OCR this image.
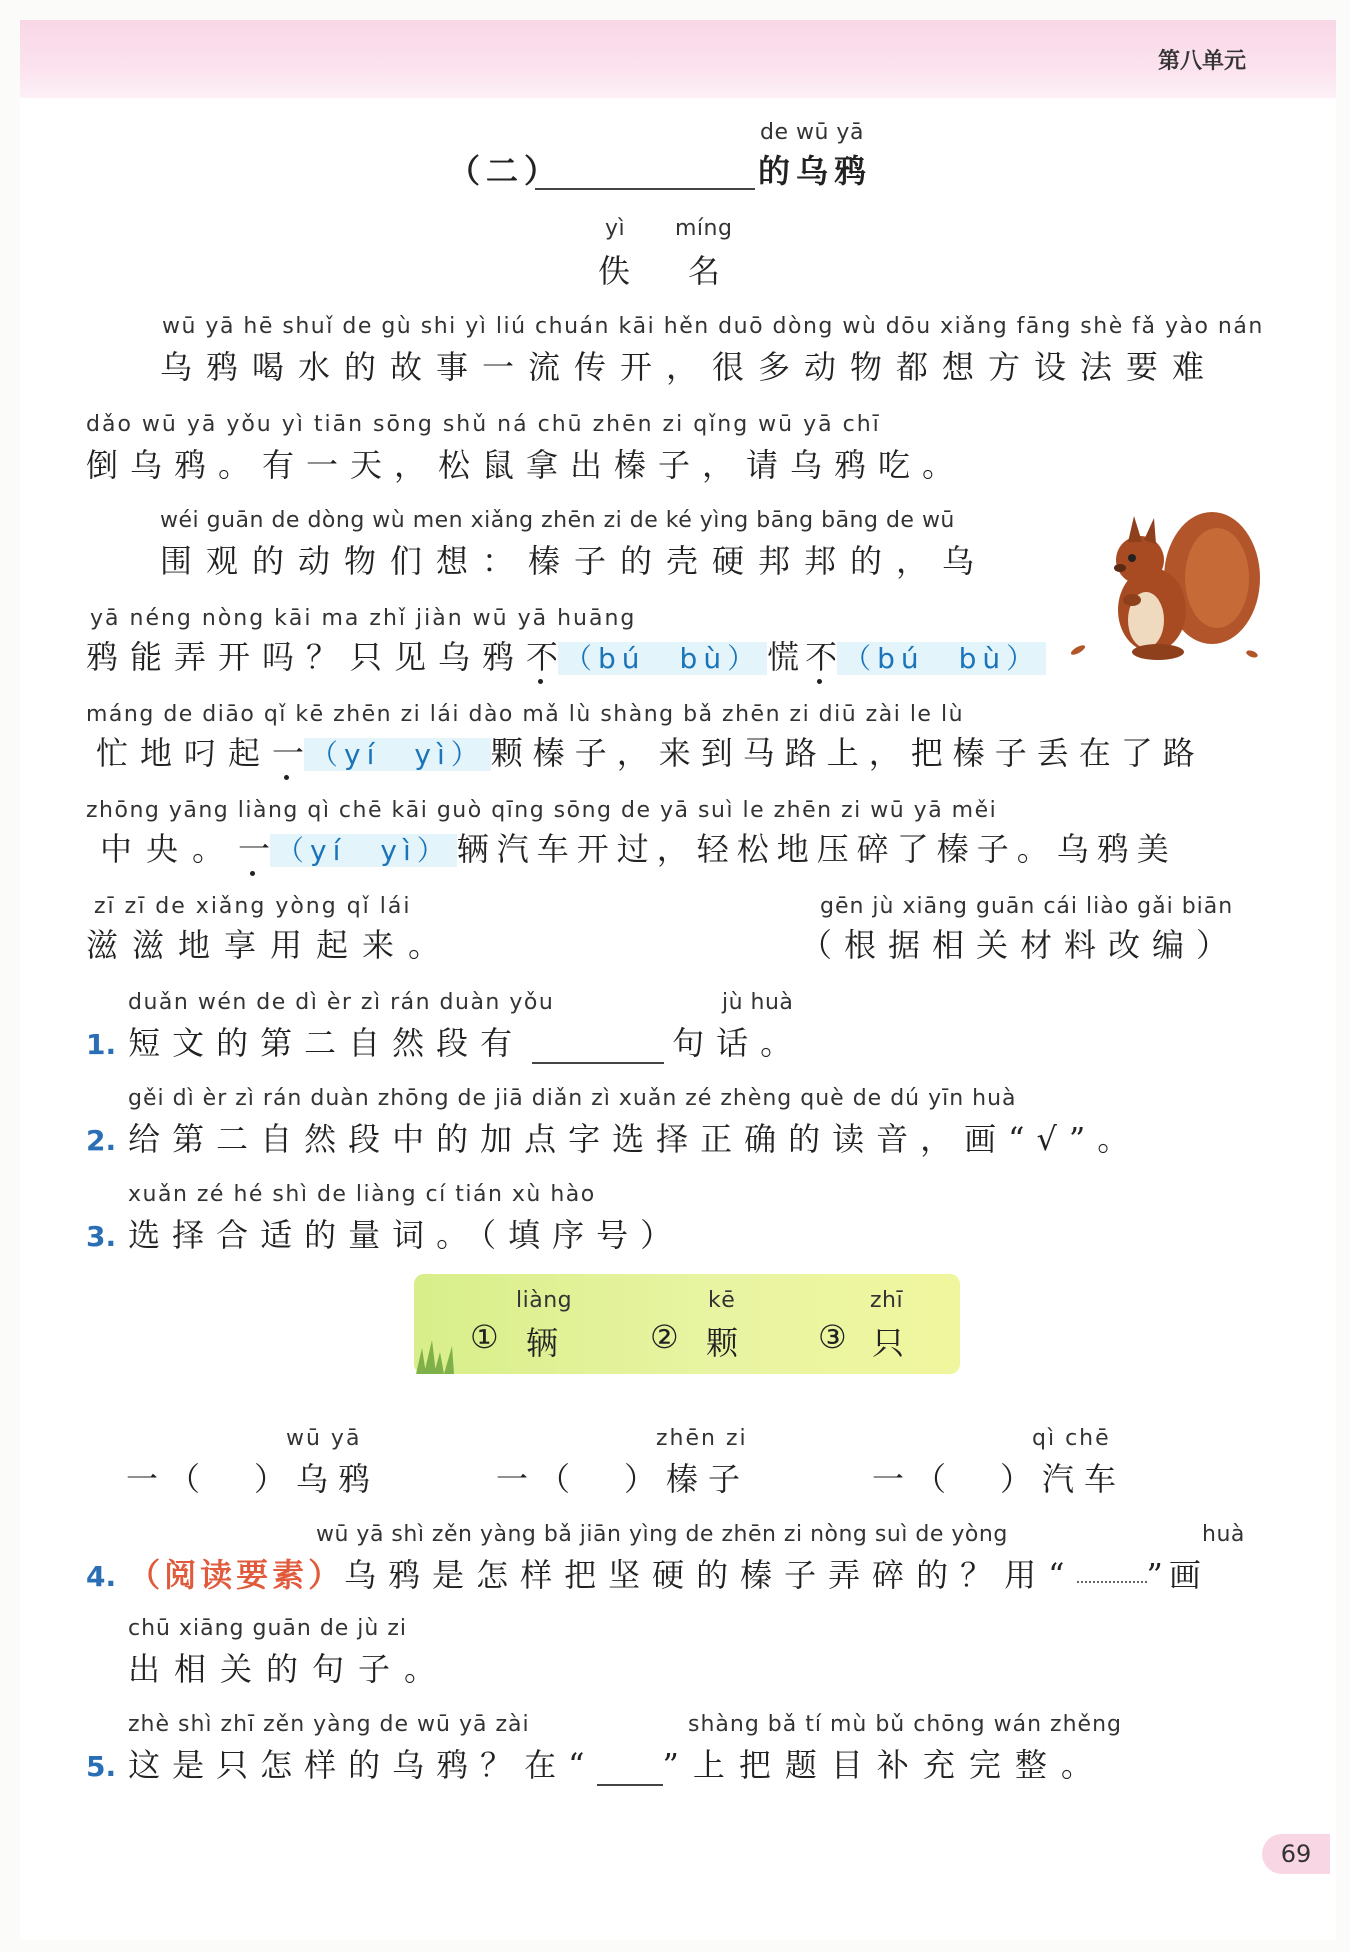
第八单元
de wū yā
（二）	的乌鸦
yì míng
佚 名
wū yā hē shuǐ de gù shi yì liú chuán kāi hěn duō dòng wù dōu xiǎng fāng shè fǎ yào nán
乌鸦喝水的故事一流传开，很多动物都想方设法要难
dǎo wū yā yǒu yì tiān sōng shǔ ná chū zhēn zi qǐng wū yā chī
倒乌鸦。有一天，松鼠拿出榛子，请乌鸦吃。
wéi guān de dòng wù men xiǎng zhēn zi de ké yìng bāng bāng de wū
围观的动物们想：榛子的壳硬邦邦的，乌
yā néng nòng kāi ma zhǐ jiàn wū yā huāng
鸦能弄开吗？只见乌鸦不 （bú　bù） 慌不 （bú　bù）
máng de diāo qǐ kē zhēn zi lái dào mǎ lù shàng bǎ zhēn zi diū zài le lù
忙地叼起一 （yí　yì） 颗榛子，来到马路上，把榛子丢在了路
zhōng yāng liàng qì chē kāi guò qīng sōng de yā suì le zhēn zi wū yā měi
中央。一 （yí　yì） 辆汽车开过，轻松地压碎了榛子。乌鸦美
zī zī de xiǎng yòng qǐ lái
滋滋地享用起来。
gēn jù xiāng guān cái liào gǎi biān
（根据相关材料改编）
duǎn wén de dì èr zì rán duàn yǒu	jù huà
1. 短文的第二自然段有	句话。
gěi dì èr zì rán duàn zhōng de jiā diǎn zì xuǎn zé zhèng què de dú yīn huà
2. 给第二自然段中的加点字选择正确的读音，画“√”。
xuǎn zé hé shì de liàng cí tián xù hào
3. 选择合适的量词。（填序号）
liàng
① 辆
kē
② 颗
zhī
③ 只
wū yā
一（ ）乌鸦
zhēn zi
一（ ）榛子
qì chē
一（ ）汽车
wū yā shì zěn yàng bǎ jiān yìng de zhēn zi nòng suì de yòng	huà
4. （阅读要素）乌鸦是怎样把坚硬的榛子弄碎的？用“ ”画
chū xiāng guān de jù zi
出相关的句子。
zhè shì zhī zěn yàng de wū yā zài	shàng bǎ tí mù bǔ chōng wán zhěng
5. 这是只怎样的乌鸦？在“ ”上把题目补充完整。
69
